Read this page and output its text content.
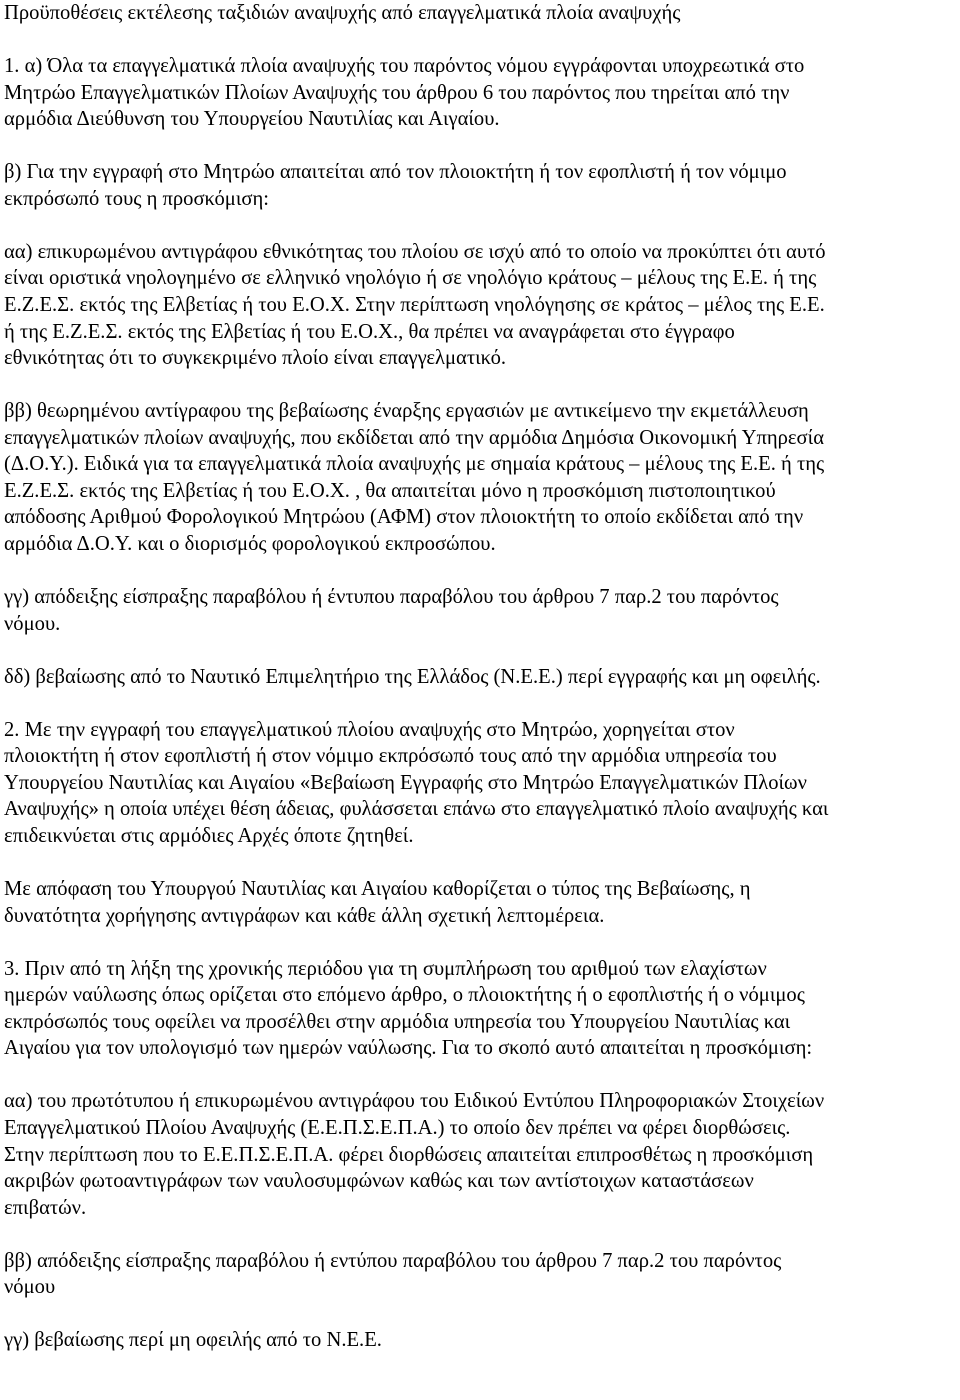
Προϋποθέσεις εκτέλεσης ταξιδιών αναψυχής από επαγγελματικά πλοία αναψυχής

1. α) Όλα τα επαγγελματικά πλοία αναψυχής του παρόντος νόμου εγγράφονται υποχρεωτικά στο

Μητρώο Επαγγελματικών Πλοίων Αναψυχής του άρθρου 6 του παρόντος που τηρείται από την

αρμόδια Διεύθυνση του Υπουργείου Ναυτιλίας και Αιγαίου.

β) Για την εγγραφή στο Μητρώο απαιτείται από τον πλοιοκτήτη ή τον εφοπλιστή ή τον νόμιμο

εκπρόσωπό τους η προσκόμιση:

αα) επικυρωμένου αντιγράφου εθνικότητας του πλοίου σε ισχύ από το οποίο να προκύπτει ότι αυτό

είναι οριστικά νηολογημένο σε ελληνικό νηολόγιο ή σε νηολόγιο κράτους – μέλους της Ε.Ε. ή της

Ε.Ζ.Ε.Σ. εκτός της Ελβετίας ή του Ε.Ο.Χ. Στην περίπτωση νηολόγησης σε κράτος – μέλος της Ε.Ε.

ή της Ε.Ζ.Ε.Σ. εκτός της Ελβετίας ή του Ε.Ο.Χ., θα πρέπει να αναγράφεται στο έγγραφο

εθνικότητας ότι το συγκεκριμένο πλοίο είναι επαγγελματικό.

ββ) θεωρημένου αντίγραφου της βεβαίωσης έναρξης εργασιών με αντικείμενο την εκμετάλλευση

επαγγελματικών πλοίων αναψυχής, που εκδίδεται από την αρμόδια Δημόσια Οικονομική Υπηρεσία

(Δ.Ο.Υ.). Ειδικά για τα επαγγελματικά πλοία αναψυχής με σημαία κράτους – μέλους της Ε.Ε. ή της

Ε.Ζ.Ε.Σ. εκτός της Ελβετίας ή του Ε.Ο.Χ. , θα απαιτείται μόνο η προσκόμιση πιστοποιητικού

απόδοσης Αριθμού Φορολογικού Μητρώου (ΑΦΜ) στον πλοιοκτήτη το οποίο εκδίδεται από την

αρμόδια Δ.Ο.Υ. και ο διορισμός φορολογικού εκπροσώπου.

γγ) απόδειξης είσπραξης παραβόλου ή έντυπου παραβόλου του άρθρου 7 παρ.2 του παρόντος

νόμου.

δδ) βεβαίωσης από το Ναυτικό Επιμελητήριο της Ελλάδος (Ν.Ε.Ε.) περί εγγραφής και μη οφειλής.

2. Με την εγγραφή του επαγγελματικού πλοίου αναψυχής στο Μητρώο, χορηγείται στον

πλοιοκτήτη ή στον εφοπλιστή ή στον νόμιμο εκπρόσωπό τους από την αρμόδια υπηρεσία του

Υπουργείου Ναυτιλίας και Αιγαίου «Βεβαίωση Εγγραφής στο Μητρώο Επαγγελματικών Πλοίων

Αναψυχής» η οποία υπέχει θέση άδειας, φυλάσσεται επάνω στο επαγγελματικό πλοίο αναψυχής και

επιδεικνύεται στις αρμόδιες Αρχές όποτε ζητηθεί.

Με απόφαση του Υπουργού Ναυτιλίας και Αιγαίου καθορίζεται ο τύπος της Βεβαίωσης, η

δυνατότητα χορήγησης αντιγράφων και κάθε άλλη σχετική λεπτομέρεια.

3. Πριν από τη λήξη της χρονικής περιόδου για τη συμπλήρωση του αριθμού των ελαχίστων

ημερών ναύλωσης όπως ορίζεται στο επόμενο άρθρο, ο πλοιοκτήτης ή ο εφοπλιστής ή ο νόμιμος

εκπρόσωπός τους οφείλει να προσέλθει στην αρμόδια υπηρεσία του Υπουργείου Ναυτιλίας και

Αιγαίου για τον υπολογισμό των ημερών ναύλωσης. Για το σκοπό αυτό απαιτείται η προσκόμιση:

αα) του πρωτότυπου ή επικυρωμένου αντιγράφου του Ειδικού Εντύπου Πληροφοριακών Στοιχείων

Επαγγελματικού Πλοίου Αναψυχής (Ε.Ε.Π.Σ.Ε.Π.Α.) το οποίο δεν πρέπει να φέρει διορθώσεις.

Στην περίπτωση που το Ε.Ε.Π.Σ.Ε.Π.Α. φέρει διορθώσεις απαιτείται επιπροσθέτως η προσκόμιση

ακριβών φωτοαντιγράφων των ναυλοσυμφώνων καθώς και των αντίστοιχων καταστάσεων

επιβατών.

ββ) απόδειξης είσπραξης παραβόλου ή εντύπου παραβόλου του άρθρου 7 παρ.2 του παρόντος

νόμου

γγ) βεβαίωσης περί μη οφειλής από το Ν.Ε.Ε.
